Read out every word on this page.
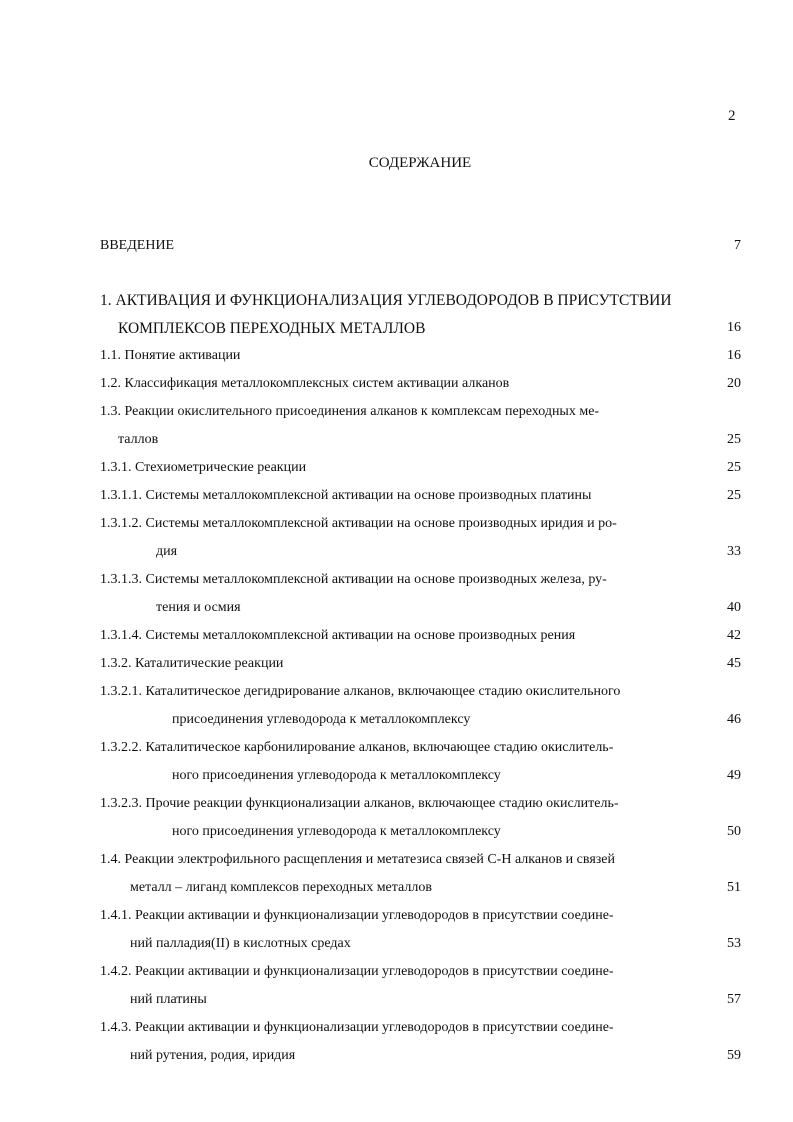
2
СОДЕРЖАНИЕ
ВВЕДЕНИЕ	7
1. АКТИВАЦИЯ И ФУНКЦИОНАЛИЗАЦИЯ УГЛЕВОДОРОДОВ В ПРИСУТСТВИИ
КОМПЛЕКСОВ ПЕРЕХОДНЫХ МЕТАЛЛОВ	16
1.1. Понятие активации	16
1.2. Классификация металлокомплексных систем активации алканов	20
1.3. Реакции окислительного присоединения алканов к комплексам переходных ме-
таллов	25
1.3.1. Стехиометрические реакции	25
1.3.1.1. Системы металлокомплексной активации на основе производных платины	25
1.3.1.2. Системы металлокомплексной активации на основе производных иридия и ро-
дия	33
1.3.1.3. Системы металлокомплексной активации на основе производных железа, ру-
тения и осмия	40
1.3.1.4. Системы металлокомплексной активации на основе производных рения	42
1.3.2. Каталитические реакции	45
1.3.2.1. Каталитическое дегидрирование алканов, включающее стадию окислительного
присоединения углеводорода к металлокомплексу	46
1.3.2.2. Каталитическое карбонилирование алканов, включающее стадию окислитель-
ного присоединения углеводорода к металлокомплексу	49
1.3.2.3. Прочие реакции функционализации алканов, включающее стадию окислитель-
ного присоединения углеводорода к металлокомплексу	50
1.4. Реакции электрофильного расщепления и метатезиса связей С-Н алканов и связей
металл – лиганд комплексов переходных металлов	51
1.4.1. Реакции активации и функционализации углеводородов в присутствии соедине-
ний палладия(II) в кислотных средах	53
1.4.2. Реакции активации и функционализации углеводородов в присутствии соедине-
ний платины	57
1.4.3. Реакции активации и функционализации углеводородов в присутствии соедине-
ний рутения, родия, иридия	59
